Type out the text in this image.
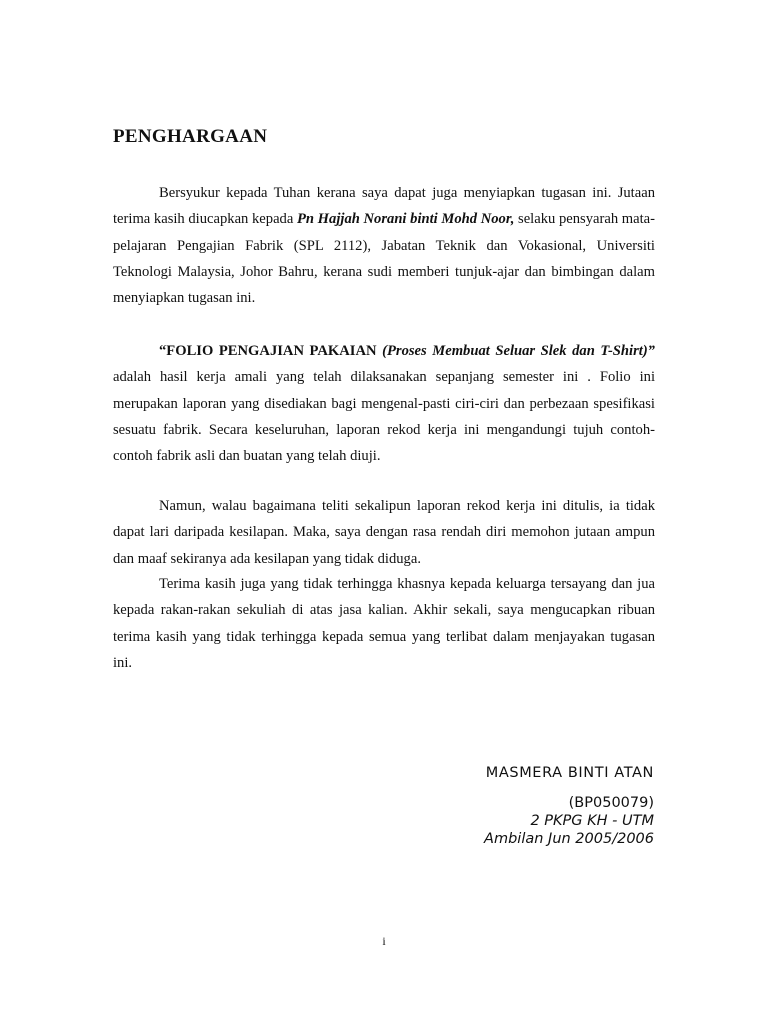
PENGHARGAAN

Bersyukur kepada Tuhan kerana saya dapat juga menyiapkan tugasan ini. Jutaan terima kasih diucapkan kepada Pn Hajjah Norani binti Mohd Noor, selaku pensyarah mata-pelajaran Pengajian Fabrik (SPL 2112), Jabatan Teknik dan Vokasional, Universiti Teknologi Malaysia, Johor Bahru, kerana sudi memberi tunjuk-ajar dan bimbingan dalam menyiapkan tugasan ini.

“FOLIO PENGAJIAN PAKAIAN (Proses Membuat Seluar Slek dan T-Shirt)” adalah hasil kerja amali yang telah dilaksanakan sepanjang semester ini . Folio ini merupakan laporan yang disediakan bagi mengenal-pasti ciri-ciri dan perbezaan spesifikasi sesuatu fabrik. Secara keseluruhan, laporan rekod kerja ini mengandungi tujuh contoh-contoh fabrik asli dan buatan yang telah diuji.

Namun, walau bagaimana teliti sekalipun laporan rekod kerja ini ditulis, ia tidak dapat lari daripada kesilapan. Maka, saya dengan rasa rendah diri memohon jutaan ampun dan maaf sekiranya ada kesilapan yang tidak diduga.

Terima kasih juga yang tidak terhingga khasnya kepada keluarga tersayang dan jua kepada rakan-rakan sekuliah di atas jasa kalian. Akhir sekali, saya mengucapkan ribuan terima kasih yang tidak terhingga kepada semua yang terlibat dalam menjayakan tugasan ini.

MASMERA BINTI ATAN
(BP050079)
2 PKPG KH - UTM
Ambilan Jun 2005/2006
i
